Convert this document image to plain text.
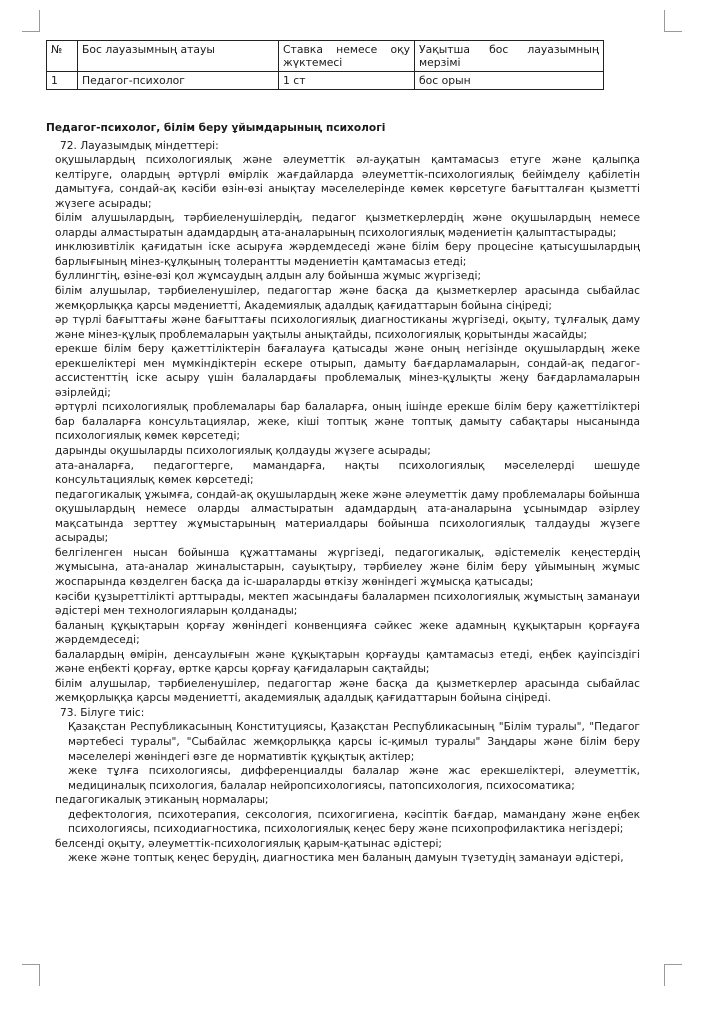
№	Бос лауазымның атауы	Ставка немесе оқу жүктемесі	Уақытша бос лауазымның мерзімі
1	Педагог-психолог	1 ст	бос орын

Педагог-психолог, білім беру ұйымдарының психологі

72. Лауазымдық міндеттері:

оқушылардың психологиялық және әлеуметтік әл-ауқатын қамтамасыз етуге және қалыпқа келтіруге, олардың әртүрлі өмірлік жағдайларда әлеуметтік-психологиялық бейімделу қабілетін дамытуға, сондай-ақ кәсіби өзін-өзі анықтау мәселелерінде көмек көрсетуге бағытталған қызметті жүзеге асырады;

білім алушылардың, тәрбиеленушілердің, педагог қызметкерлердің және оқушылардың немесе оларды алмастыратын адамдардың ата-аналарының психологиялық мәдениетін қалыптастырады;

инклюзивтілік қағидатын іске асыруға жәрдемдеседі және білім беру процесіне қатысушылардың барлығының мінез-құлқының толерантты мәдениетін қамтамасыз етеді;

буллингтің, өзіне-өзі қол жұмсаудың алдын алу бойынша жұмыс жүргізеді;

білім алушылар, тәрбиеленушілер, педагогтар және басқа да қызметкерлер арасында сыбайлас жемқорлыққа қарсы мәдениетті, Академиялық адалдық қағидаттарын бойына сіңіреді;

әр түрлі бағыттағы және бағыттағы психологиялық диагностиканы жүргізеді, оқыту, тұлғалық даму және мінез-құлық проблемаларын уақтылы анықтайды, психологиялық қорытынды жасайды;

ерекше білім беру қажеттіліктерін бағалауға қатысады және оның негізінде оқушылардың жеке ерекшеліктері мен мүмкіндіктерін ескере отырып, дамыту бағдарламаларын, сондай-ақ педагог-ассистенттің іске асыру үшін балалардағы проблемалық мінез-құлықты жеңу бағдарламаларын әзірлейді;

әртүрлі психологиялық проблемалары бар балаларға, оның ішінде ерекше білім беру қажеттіліктері бар балаларға консультациялар, жеке, кіші топтық және топтық дамыту сабақтары нысанында психологиялық көмек көрсетеді;

дарынды оқушыларды психологиялық қолдауды жүзеге асырады;

ата-аналарға, педагогтерге, мамандарға, нақты психологиялық мәселелерді шешуде консультациялық көмек көрсетеді;

педагогикалық ұжымға, сондай-ақ оқушылардың жеке және әлеуметтік даму проблемалары бойынша оқушылардың немесе оларды алмастыратын адамдардың ата-аналарына ұсынымдар әзірлеу мақсатында зерттеу жұмыстарының материалдары бойынша психологиялық талдауды жүзеге асырады;

белгіленген нысан бойынша құжаттаманы жүргізеді, педагогикалық, әдістемелік кеңестердің жұмысына, ата-аналар жиналыстарын, сауықтыру, тәрбиелеу және білім беру ұйымының жұмыс жоспарында көзделген басқа да іс-шараларды өткізу жөніндегі жұмысқа қатысады;

кәсіби құзыреттілікті арттырады, мектеп жасындағы балалармен психологиялық жұмыстың заманауи әдістері мен технологияларын қолданады;

баланың құқықтарын қорғау жөніндегі конвенцияға сәйкес жеке адамның құқықтарын қорғауға жәрдемдеседі;

балалардың өмірін, денсаулығын және құқықтарын қорғауды қамтамасыз етеді, еңбек қауіпсіздігі және еңбекті қорғау, өртке қарсы қорғау қағидаларын сақтайды;

білім алушылар, тәрбиеленушілер, педагогтар және басқа да қызметкерлер арасында сыбайлас жемқорлыққа қарсы мәдениетті, академиялық адалдық қағидаттарын бойына сіңіреді.

73. Білуге тиіс:

Қазақстан Республикасының Конституциясы, Қазақстан Республикасының "Білім туралы", "Педагог мәртебесі туралы", "Сыбайлас жемқорлыққа қарсы іс-қимыл туралы" Заңдары және білім беру мәселелері жөніндегі өзге де нормативтік құқықтық актілер;

жеке тұлға психологиясы, дифференциалды балалар және жас ерекшеліктері, әлеуметтік, медициналық психология, балалар нейропсихологиясы, патопсихология, психосоматика;

педагогикалық этиканың нормалары;

дефектология, психотерапия, сексология, психогигиена, кәсіптік бағдар, мамандану және еңбек психологиясы, психодиагностика, психологиялық кеңес беру және психопрофилактика негіздері;

белсенді оқыту, әлеуметтік-психологиялық қарым-қатынас әдістері;

жеке және топтық кеңес берудің, диагностика мен баланың дамуын түзетудің заманауи әдістері,
